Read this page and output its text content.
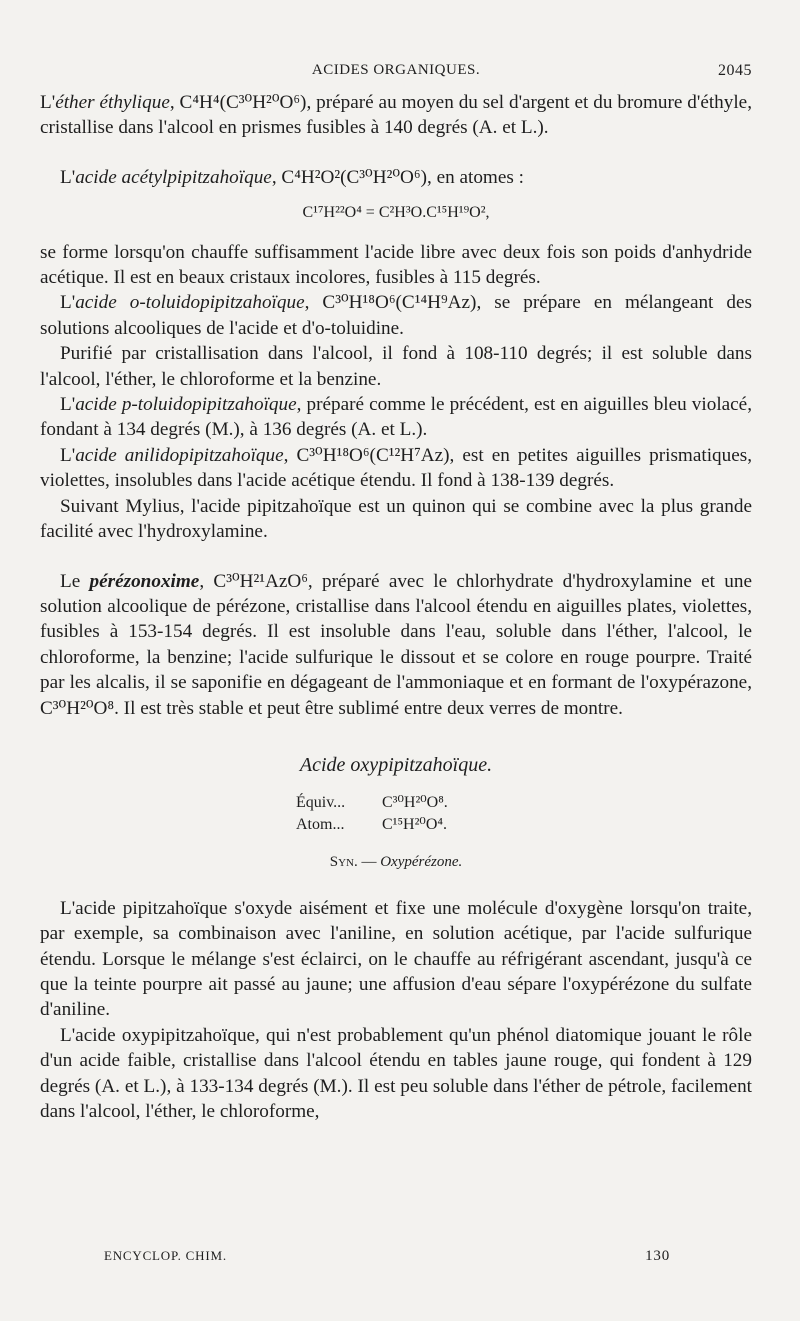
ACIDES ORGANIQUES.	2045

L'éther éthylique, C⁴H⁴(C³⁰H²⁰O⁶), préparé au moyen du sel d'argent et du bromure d'éthyle, cristallise dans l'alcool en prismes fusibles à 140 degrés (A. et L.).

L'acide acétylpipitzahoïque, C⁴H²O²(C³⁰H²⁰O⁶), en atomes :

C¹⁷H²²O⁴ = C²H³O.C¹⁵H¹⁹O²,

se forme lorsqu'on chauffe suffisamment l'acide libre avec deux fois son poids d'anhydride acétique. Il est en beaux cristaux incolores, fusibles à 115 degrés.

L'acide o-toluidopipitzahoïque, C³⁰H¹⁸O⁶(C¹⁴H⁹Az), se prépare en mélangeant des solutions alcooliques de l'acide et d'o-toluidine.

Purifié par cristallisation dans l'alcool, il fond à 108-110 degrés; il est soluble dans l'alcool, l'éther, le chloroforme et la benzine.

L'acide p-toluidopipitzahoïque, préparé comme le précédent, est en aiguilles bleu violacé, fondant à 134 degrés (M.), à 136 degrés (A. et L.).

L'acide anilidopipitzahoïque, C³⁰H¹⁸O⁶(C¹²H⁷Az), est en petites aiguilles prismatiques, violettes, insolubles dans l'acide acétique étendu. Il fond à 138-139 degrés.

Suivant Mylius, l'acide pipitzahoïque est un quinon qui se combine avec la plus grande facilité avec l'hydroxylamine.

Le pérézonoxime, C³⁰H²¹AzO⁶, préparé avec le chlorhydrate d'hydroxylamine et une solution alcoolique de pérézone, cristallise dans l'alcool étendu en aiguilles plates, violettes, fusibles à 153-154 degrés. Il est insoluble dans l'eau, soluble dans l'éther, l'alcool, le chloroforme, la benzine; l'acide sulfurique le dissout et se colore en rouge pourpre. Traité par les alcalis, il se saponifie en dégageant de l'ammoniaque et en formant de l'oxypérazone, C³⁰H²⁰O⁸. Il est très stable et peut être sublimé entre deux verres de montre.

Acide oxypipitzahoïque.

Équiv...	C³⁰H²⁰O⁸.
Atom...	C¹⁵H²⁰O⁴.

Syn. — Oxypérézone.

L'acide pipitzahoïque s'oxyde aisément et fixe une molécule d'oxygène lorsqu'on traite, par exemple, sa combinaison avec l'aniline, en solution acétique, par l'acide sulfurique étendu. Lorsque le mélange s'est éclairci, on le chauffe au réfrigérant ascendant, jusqu'à ce que la teinte pourpre ait passé au jaune; une affusion d'eau sépare l'oxypérézone du sulfate d'aniline.

L'acide oxypipitzahoïque, qui n'est probablement qu'un phénol diatomique jouant le rôle d'un acide faible, cristallise dans l'alcool étendu en tables jaune rouge, qui fondent à 129 degrés (A. et L.), à 133-134 degrés (M.). Il est peu soluble dans l'éther de pétrole, facilement dans l'alcool, l'éther, le chloroforme,

ENCYCLOP. CHIM.	130
